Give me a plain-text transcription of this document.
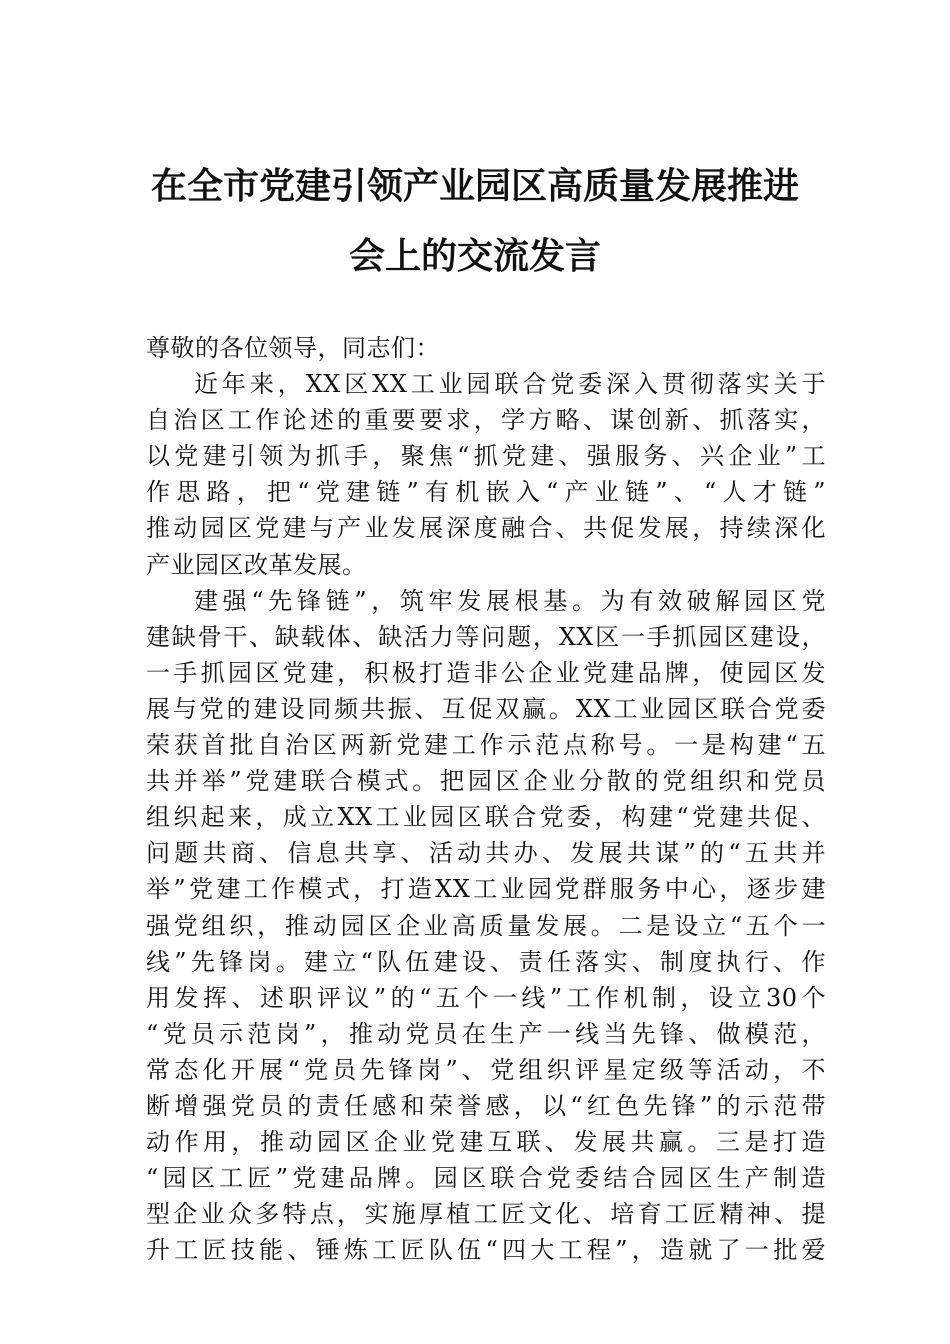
在全市党建引领产业园区高质量发展推进
会上的交流发言
尊敬的各位领导，同志们：
近年来，XX区XX工业园联合党委深入贯彻落实关于
自治区工作论述的重要要求，学方略、谋创新、抓落实，
以党建引领为抓手，聚焦“抓党建、强服务、兴企业”工
作思路，把“党建链”有机嵌入“产业链”、“人才链”
推动园区党建与产业发展深度融合、共促发展，持续深化
产业园区改革发展。
建强“先锋链”，筑牢发展根基。为有效破解园区党
建缺骨干、缺载体、缺活力等问题，XX区一手抓园区建设，
一手抓园区党建，积极打造非公企业党建品牌，使园区发
展与党的建设同频共振、互促双赢。XX工业园区联合党委
荣获首批自治区两新党建工作示范点称号。一是构建“五
共并举”党建联合模式。把园区企业分散的党组织和党员
组织起来，成立XX工业园区联合党委，构建“党建共促、
问题共商、信息共享、活动共办、发展共谋”的“五共并
举”党建工作模式，打造XX工业园党群服务中心，逐步建
强党组织，推动园区企业高质量发展。二是设立“五个一
线”先锋岗。建立“队伍建设、责任落实、制度执行、作
用发挥、述职评议”的“五个一线”工作机制，设立30个
“党员示范岗”，推动党员在生产一线当先锋、做模范，
常态化开展“党员先锋岗”、党组织评星定级等活动，不
断增强党员的责任感和荣誉感，以“红色先锋”的示范带
动作用，推动园区企业党建互联、发展共赢。三是打造
“园区工匠”党建品牌。园区联合党委结合园区生产制造
型企业众多特点，实施厚植工匠文化、培育工匠精神、提
升工匠技能、锤炼工匠队伍“四大工程”，造就了一批爱
